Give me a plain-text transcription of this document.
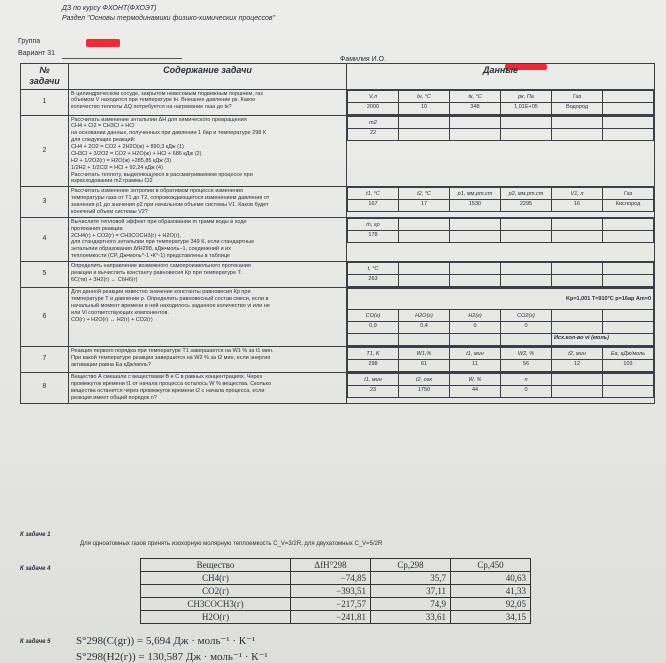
ДЗ по курсу ФХОНТ(ФХОЭТ)
Раздел "Основы термодинамики физико-химических процессов"
Группа
Вариант 31
Фамилия И.О.
№ задачи	Содержание задачи	Данные
1	
В цилиндрическом сосуде, закрытом невесомым подвижным поршнем, газ
объемом V находится при температуре tн. Внешнее давление рк. Какое
количество теплоты ΔQ потребуется на нагревание газа до tк?

V,л	tн, °C	tк, °C	pк, Па	Газ	
2000	10	348	1,01Е+05	Водород	

2	
Рассчитать изменение энтальпии ΔН для химического превращения
CH4 + Cl2 = CH3Cl + HCl
на основании данных, полученных при давлении 1 бар и температуре 298 К
для следующих реакций:
CH4 + 2O2 = CO2 + 2H2O(ж) + 890,3 кДж (1)
CH3Cl + 3/2O2 = CO2 + H2O(ж) + HCl + 686 кДж (2)
H2 + 1/2O2(г) = H2O(ж) +285,85 кДж (3)
1/2H2 + 1/2Cl2 = HCl + 92,24 кДж (4)
Рассчитать теплоту, выделяющуюся в рассматриваемом процессе при
израсходовании m2 граммы Cl2

m2					
22					

3	
Рассчитать изменение энтропии в обратимом процессе изменения
температуры газа от Т1 до Т2, сопровождающегося изменением давления от
значения р1 до значения р2 при начальном объеме системы V1. Каков будет
конечный объем системы V2?

t1, °C	t2, °C	p1, мм.рт.ст	p2, мм.рт.ст	V1, л	Газ
167	17	1530	2295	16	Кислород

4	
Вычислите тепловой эффект при образовании m грамм воды в ходе
протекания реакции
2CH4(г) + CO2(г) = CH3COCH3(г) + H2O(г),
для стандартного энтальпии при температуре 349 К, если стандартные
энтальпии образования ΔfH298, кДж•моль−1, соединений и их
теплоемкости (СР, Дж•моль^-1 •К^-1) представлены в таблице

m, гр					
178					

5	
Определить направление возможного самопроизвольного протекания
реакции и вычислить константу равновесия Кр при температуре Т.
6C(тв) + 3H2(г) ↔ C6H6(г)

t, °C					
263					

6	
Для данной реакции известно значение константы равновесия Кр при
температуре Т и давлении р. Определить равновесный состав смеси, если в
начальный момент времени в ней находилось заданное количество vi или не
или Vi соответствующих компонентов.
CO(г) + H2O(г) ↔ H2(г) + CO2(г)

Kp=1,001 T=910°C p=16ар Am=0
CO(г)	H2O(г)	H2(г)	CO2(г)		
0,9	0,4	0	0		
				Исх.кол-во vi (моль)

7	
Реакция первого порядка при температуре Т1 завершается на W1 % за t1 мин.
При какой температуре реакция завершится на W2 % за t2 мин, если энергия
активации равна Ea кДж/моль?

T1, K	W1,%	t1, мин	W2, %	t2, мин	Ea, кДж/моль
298	61	11	56	12	103

8	
Вещество А смешали с веществами В и С в равных концентрациях. Через
промежуток времени t1 от начала процесса осталось W % вещества. Сколько
вещества останется через промежуток времени t2 с начала процесса, если
реакция имеет общий порядок n?

t1, мин	t2, сек	W, %	n		
23	1750	44	0		
К задаче 1
Для одноатомных газов принять изохорную молярную теплоемкость C_V=3/2R, для двухатомных C_V=5/2R
К задаче 4	Вещество	ΔfH°298	Cp,298	Cp,450
CH4(г)	−74,85	35,7	40,63
CO2(г)	−393,51	37,11	41,33
CH3COCH3(г)	−217,57	74,9	92,05
H2O(г)	−241,81	33,61	34,15
К задаче 5 S°298(C(gr)) = 5,694 Дж · моль⁻¹ · К⁻¹
S°298(H2(г)) = 130,587 Дж · моль⁻¹ · К⁻¹
